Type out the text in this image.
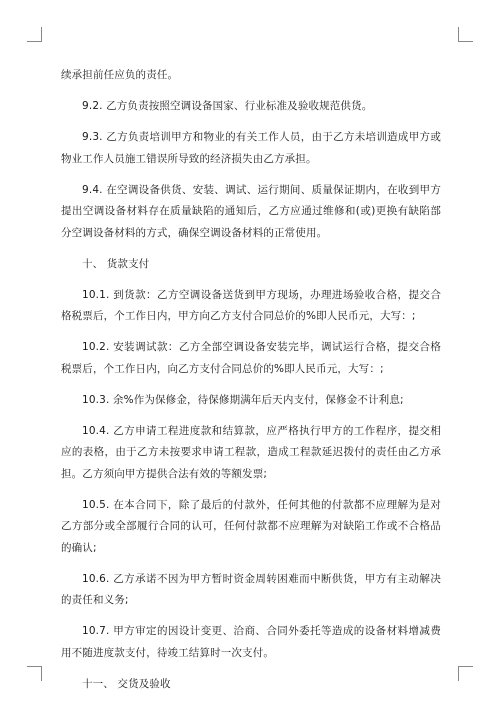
续承担前任应负的责任。

9.2. 乙方负责按照空调设备国家、行业标准及验收规范供货。

9.3. 乙方负责培训甲方和物业的有关工作人员，由于乙方未培训造成甲方或物业工作人员施工错误所导致的经济损失由乙方承担。

9.4. 在空调设备供货、安装、调试、运行期间、质量保证期内，在收到甲方提出空调设备材料存在质量缺陷的通知后，乙方应通过维修和(或)更换有缺陷部分空调设备材料的方式，确保空调设备材料的正常使用。

十、 货款支付

10.1. 到货款：乙方空调设备送货到甲方现场，办理进场验收合格，提交合格税票后，个工作日内，甲方向乙方支付合同总价的%即人民币元，大写：;

10.2. 安装调试款：乙方全部空调设备安装完毕，调试运行合格，提交合格税票后，个工作日内，向乙方支付合同总价的%即人民币元，大写：;

10.3. 余%作为保修金，待保修期满年后天内支付，保修金不计利息;

10.4. 乙方申请工程进度款和结算款，应严格执行甲方的工作程序，提交相应的表格，由于乙方未按要求申请工程款，造成工程款延迟拨付的责任由乙方承担。乙方须向甲方提供合法有效的等额发票;

10.5. 在本合同下，除了最后的付款外，任何其他的付款都不应理解为是对乙方部分或全部履行合同的认可，任何付款都不应理解为对缺陷工作或不合格品的确认;

10.6. 乙方承诺不因为甲方暂时资金周转困难而中断供货，甲方有主动解决的责任和义务;

10.7. 甲方审定的因设计变更、洽商、合同外委托等造成的设备材料增减费用不随进度款支付，待竣工结算时一次支付。

十一、 交货及验收
